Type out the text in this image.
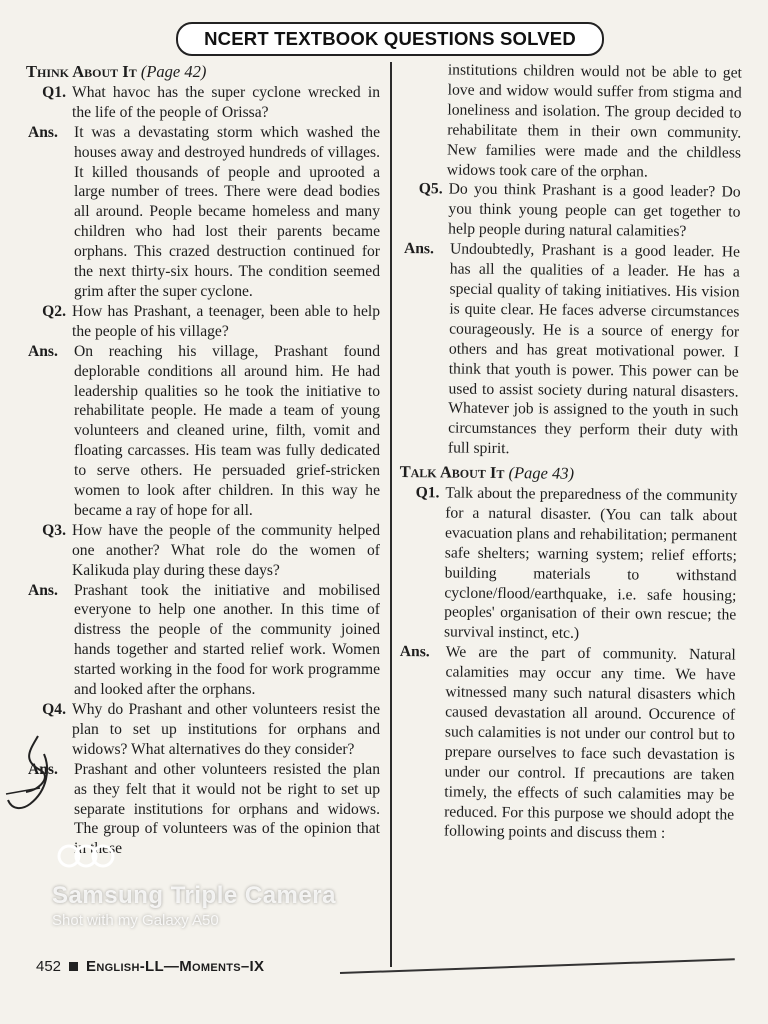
NCERT TEXTBOOK QUESTIONS SOLVED
Think About It (Page 42)
Q1. What havoc has the super cyclone wrecked in the life of the people of Orissa?
Ans.	It was a devastating storm which washed the houses away and destroyed hundreds of villages. It killed thousands of people and uprooted a large number of trees. There were dead bodies all around. People became homeless and many children who had lost their parents became orphans. This crazed destruction continued for the next thirty-six hours. The condition seemed grim after the super cyclone.
Q2. How has Prashant, a teenager, been able to help the people of his village?
Ans.	On reaching his village, Prashant found deplorable conditions all around him. He had leadership qualities so he took the initiative to rehabilitate people. He made a team of young volunteers and cleaned urine, filth, vomit and floating carcasses. His team was fully dedicated to serve others. He persuaded grief-stricken women to look after children. In this way he became a ray of hope for all.
Q3. How have the people of the community helped one another? What role do the women of Kalikuda play during these days?
Ans.	Prashant took the initiative and mobilised everyone to help one another. In this time of distress the people of the community joined hands together and started relief work. Women started working in the food for work programme and looked after the orphans.
Q4. Why do Prashant and other volunteers resist the plan to set up institutions for orphans and widows? What alternatives do they consider?
Ans.	Prashant and other volunteers resisted the plan as they felt that it would not be right to set up separate institutions for orphans and widows. The group of volunteers was of the opinion that in these
institutions children would not be able to get love and widow would suffer from stigma and loneliness and isolation. The group decided to rehabilitate them in their own community. New families were made and the childless widows took care of the orphan.
Q5. Do you think Prashant is a good leader? Do you think young people can get together to help people during natural calamities?
Ans.	Undoubtedly, Prashant is a good leader. He has all the qualities of a leader. He has a special quality of taking initiatives. His vision is quite clear. He faces adverse circumstances courageously. He is a source of energy for others and has great motivational power. I think that youth is power. This power can be used to assist society during natural disasters. Whatever job is assigned to the youth in such circumstances they perform their duty with full spirit.
Talk About It (Page 43)
Q1. Talk about the preparedness of the community for a natural disaster. (You can talk about evacuation plans and rehabilitation; permanent safe shelters; warning system; relief efforts; building materials to withstand cyclone/flood/earthquake, i.e. safe housing; peoples' organisation of their own rescue; the survival instinct, etc.)
Ans.	We are the part of community. Natural calamities may occur any time. We have witnessed many such natural disasters which caused devastation all around. Occurence of such calamities is not under our control but to prepare ourselves to face such devastation is under our control. If precautions are taken timely, the effects of such calamities may be reduced. For this purpose we should adopt the following points and discuss them :
Samsung Triple Camera
Shot with my Galaxy A50
452 English-LL—Moments–IX
